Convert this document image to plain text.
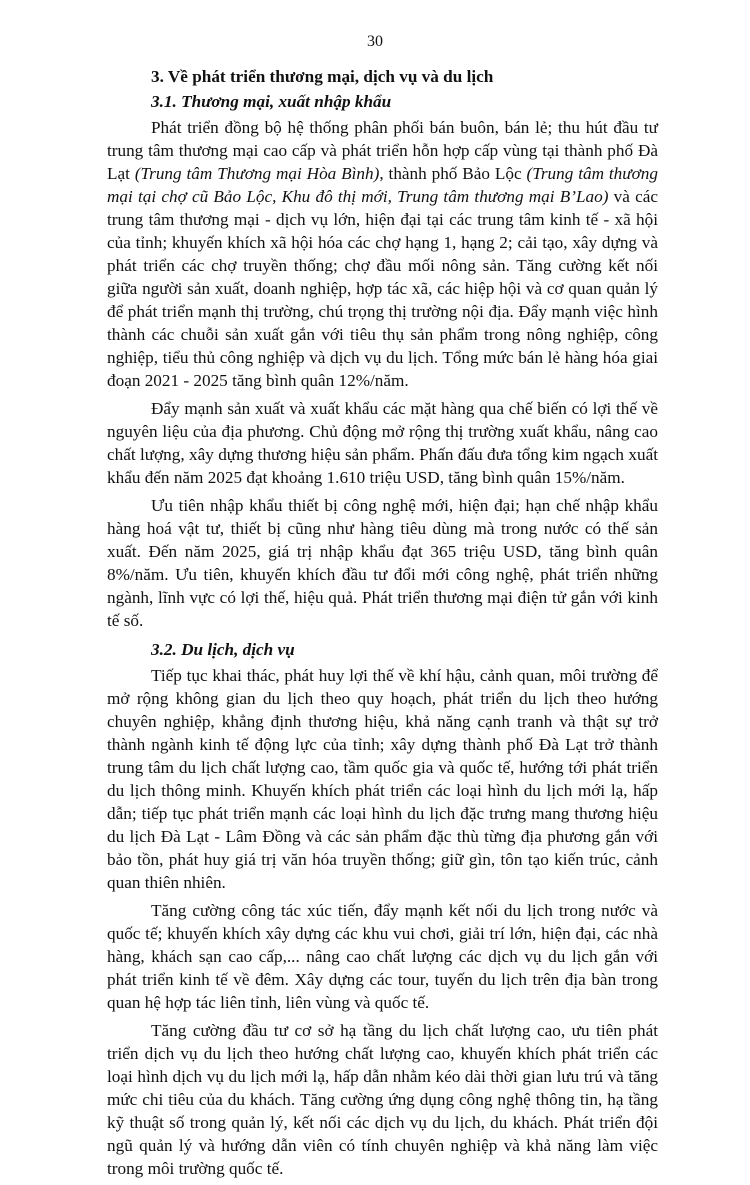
30
3. Về phát triển thương mại, dịch vụ và du lịch
3.1. Thương mại, xuất nhập khẩu

Phát triển đồng bộ hệ thống phân phối bán buôn, bán lẻ; thu hút đầu tư trung tâm thương mại cao cấp và phát triển hỗn hợp cấp vùng tại thành phố Đà Lạt (Trung tâm Thương mại Hòa Bình), thành phố Bảo Lộc (Trung tâm thương mại tại chợ cũ Bảo Lộc, Khu đô thị mới, Trung tâm thương mại B’Lao) và các trung tâm thương mại - dịch vụ lớn, hiện đại tại các trung tâm kinh tế - xã hội của tỉnh; khuyến khích xã hội hóa các chợ hạng 1, hạng 2; cải tạo, xây dựng và phát triển các chợ truyền thống; chợ đầu mối nông sản. Tăng cường kết nối giữa người sản xuất, doanh nghiệp, hợp tác xã, các hiệp hội và cơ quan quản lý để phát triển mạnh thị trường, chú trọng thị trường nội địa. Đẩy mạnh việc hình thành các chuỗi sản xuất gắn với tiêu thụ sản phẩm trong nông nghiệp, công nghiệp, tiểu thủ công nghiệp và dịch vụ du lịch. Tổng mức bán lẻ hàng hóa giai đoạn 2021 - 2025 tăng bình quân 12%/năm.

Đẩy mạnh sản xuất và xuất khẩu các mặt hàng qua chế biến có lợi thế về nguyên liệu của địa phương. Chủ động mở rộng thị trường xuất khẩu, nâng cao chất lượng, xây dựng thương hiệu sản phẩm. Phấn đấu đưa tổng kim ngạch xuất khẩu đến năm 2025 đạt khoảng 1.610 triệu USD, tăng bình quân 15%/năm.

Ưu tiên nhập khẩu thiết bị công nghệ mới, hiện đại; hạn chế nhập khẩu hàng hoá vật tư, thiết bị cũng như hàng tiêu dùng mà trong nước có thế sản xuất. Đến năm 2025, giá trị nhập khẩu đạt 365 triệu USD, tăng bình quân 8%/năm. Ưu tiên, khuyến khích đầu tư đổi mới công nghệ, phát triển những ngành, lĩnh vực có lợi thế, hiệu quả. Phát triển thương mại điện tử gắn với kinh tế số.

3.2. Du lịch, dịch vụ

Tiếp tục khai thác, phát huy lợi thế về khí hậu, cảnh quan, môi trường để mở rộng không gian du lịch theo quy hoạch, phát triển du lịch theo hướng chuyên nghiệp, khẳng định thương hiệu, khả năng cạnh tranh và thật sự trở thành ngành kinh tế động lực của tỉnh; xây dựng thành phố Đà Lạt trở thành trung tâm du lịch chất lượng cao, tầm quốc gia và quốc tế, hướng tới phát triển du lịch thông minh. Khuyến khích phát triển các loại hình du lịch mới lạ, hấp dẫn; tiếp tục phát triển mạnh các loại hình du lịch đặc trưng mang thương hiệu du lịch Đà Lạt - Lâm Đồng và các sản phẩm đặc thù từng địa phương gắn với bảo tồn, phát huy giá trị văn hóa truyền thống; giữ gìn, tôn tạo kiến trúc, cảnh quan thiên nhiên.

Tăng cường công tác xúc tiến, đẩy mạnh kết nối du lịch trong nước và quốc tế; khuyến khích xây dựng các khu vui chơi, giải trí lớn, hiện đại, các nhà hàng, khách sạn cao cấp,... nâng cao chất lượng các dịch vụ du lịch gắn với phát triển kinh tế về đêm. Xây dựng các tour, tuyến du lịch trên địa bàn trong quan hệ hợp tác liên tỉnh, liên vùng và quốc tế.

Tăng cường đầu tư cơ sở hạ tầng du lịch chất lượng cao, ưu tiên phát triển dịch vụ du lịch theo hướng chất lượng cao, khuyến khích phát triển các loại hình dịch vụ du lịch mới lạ, hấp dẫn nhằm kéo dài thời gian lưu trú và tăng mức chi tiêu của du khách. Tăng cường ứng dụng công nghệ thông tin, hạ tầng kỹ thuật số trong quản lý, kết nối các dịch vụ du lịch, du khách. Phát triển đội ngũ quản lý và hướng dẫn viên có tính chuyên nghiệp và khả năng làm việc trong môi trường quốc tế.
